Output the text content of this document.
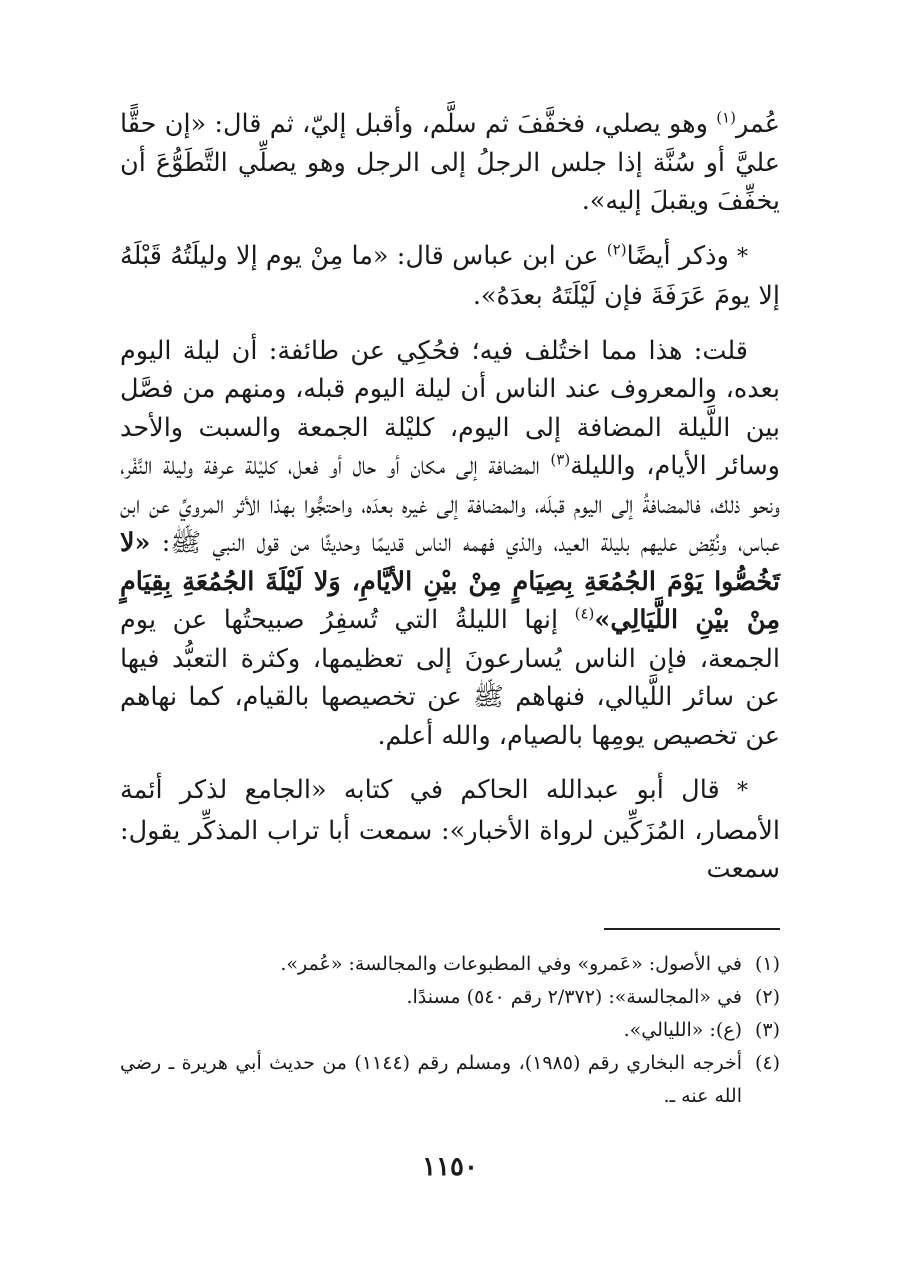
عُمر$^{(١)}$ وهو يصلي، فخفَّفَ ثم سلَّم، وأقبل إليّ، ثم قال: «إن حقًّا عليَّ أو سُنَّة إذا جلس الرجلُ إلى الرجل وهو يصلِّي التَّطَوُّعَ أن يخفِّفَ ويقبلَ إليه».

* وذكر أيضًا$^{(٢)}$ عن ابن عباس قال: «ما مِنْ يوم إلا وليلَتُهُ قَبْلَهُ إلا يومَ عَرَفَةَ فإن لَيْلَتَهُ بعدَهُ».

قلت: هذا مما اختُلف فيه؛ فحُكِي عن طائفة: أن ليلة اليوم بعده، والمعروف عند الناس أن ليلة اليوم قبله، ومنهم من فصَّل بين اللَّيلة المضافة إلى اليوم، كليْلة الجمعة والسبت والأحد وسائر الأيام، والليلة$^{(٣)}$ المضافة إلى مكان أو حال أو فعل، كليْلة عرفة وليلة النَّفْر، ونحو ذلك، فالمضافةُ إلى اليوم قبلَه، والمضافة إلى غيره بعدَه، واحتجُّوا بهذا الأثر المرويِّ عن ابن عباس، ونُقِض عليهم بليلة العيد، والذي فهمه الناس قديمًا وحديثًا من قول النبي ﷺ: «لا تَخُصُّوا يَوْمَ الجُمُعَةِ بِصِيَامٍ مِنْ بيْنِ الأيَّامِ، وَلا لَيْلَةَ الجُمُعَةِ بِقِيَامٍ مِنْ بيْنِ اللَّيَالِي»$^{(٤)}$ إنها الليلةُ التي تُسفِرُ صبيحتُها عن يوم الجمعة، فإن الناس يُسارعونَ إلى تعظيمها، وكثرة التعبُّد فيها عن سائر اللَّيالي، فنهاهم ﷺ عن تخصيصها بالقيام، كما نهاهم عن تخصيص يومِها بالصيام، والله أعلم.

* قال أبو عبدالله الحاكم في كتابه «الجامع لذكر أئمة الأمصار، المُزَكِّين لرواة الأخبار»: سمعت أبا تراب المذكِّر يقول: سمعت

(١)
في الأصول: «عَمرو» وفي المطبوعات والمجالسة: «عُمر».

(٢)
في «المجالسة»: (٢/٣٧٢ رقم ٥٤٠) مسندًا.

(٣)
(ع): «الليالي».

(٤)
أخرجه البخاري رقم (١٩٨٥)، ومسلم رقم (١١٤٤) من حديث أبي هريرة ـ رضي الله عنه ـ.

١١٥٠
